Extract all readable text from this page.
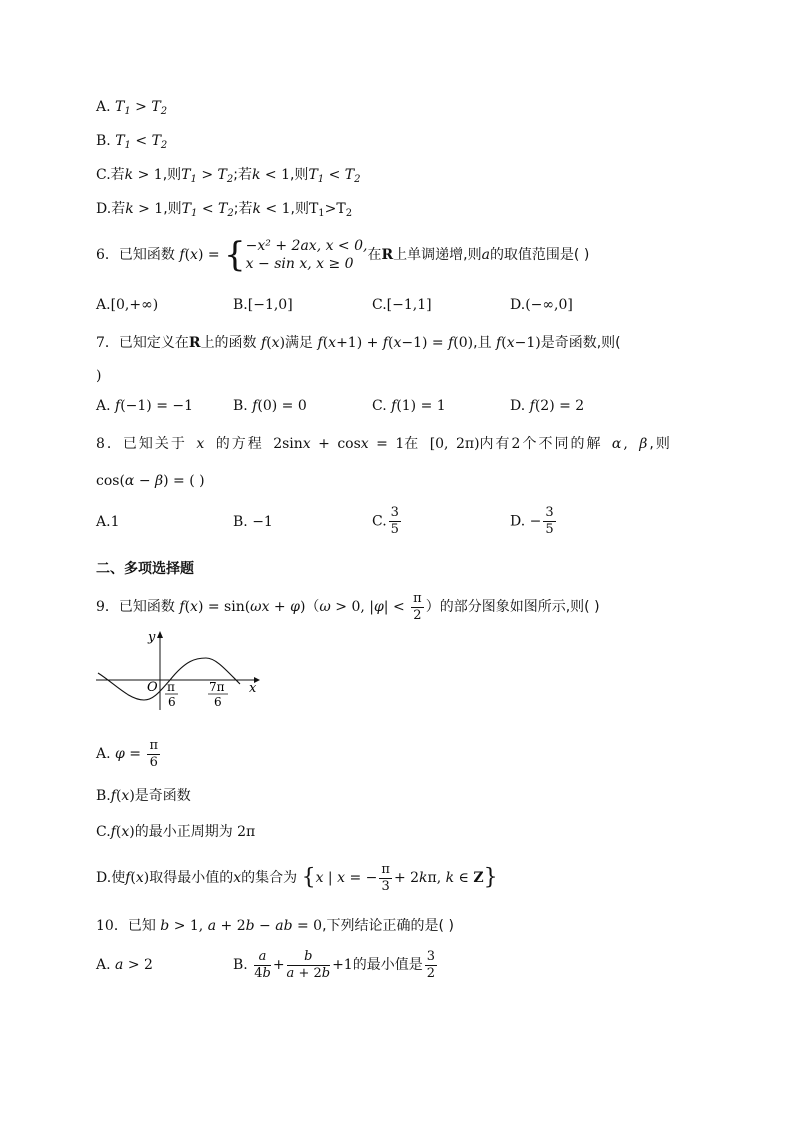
A. $T_1 > T_2$
B. $T_1 < T_2$
C.若k > 1,则$T_1 > T_2$;若k < 1,则$T_1 < T_2$
D.若k > 1,则$T_1 < T_2$;若k < 1,则$T_1>T_2$
6．已知函数 f(x) = { −x² + 2ax, x < 0,
x − sin x, x ≥ 0
在R上单调递增,则a的取值范围是( )
A.[0,+∞)	B.[−1,0]	C.[−1,1]	D.(−∞,0]
7．已知定义在R上的函数 f(x)满足 f(x+1) + f(x−1) = f(0),且 f(x−1)是奇函数,则(
)
A. f(−1) = −1	B. f(0) = 0	C. f(1) = 1	D. f(2) = 2
8．已知关于 x 的方程 2sinx + cosx = 1在 [0, 2π)内有2个不同的解 α, β,则
cos(α − β) = ( )
A.1	B. −1	C. $\frac{3}{5}$	D. − $\frac{3}{5}$
二、多项选择题
9．已知函数 f(x) = sin(ωx + φ)（ω > 0, $|\varphi| < \frac{\pi}{2}$ ）的部分图象如图所示,则( )
y
x
O π
6
7π
6
A. $\varphi = \frac{\pi}{6}$
B.f(x)是奇函数
C.f(x)的最小正周期为 2π
D.使f(x)取得最小值的x的集合为 {x | x = − $\frac{\pi}{3} + 2k\pi$, k ∈ Z}
10．已知 b > 1, a + 2b − ab = 0,下列结论正确的是( )
A. a > 2	B. $\frac{a}{4b} + \frac{b}{a + 2b} +1$的最小值是 $\frac{3}{2}$
